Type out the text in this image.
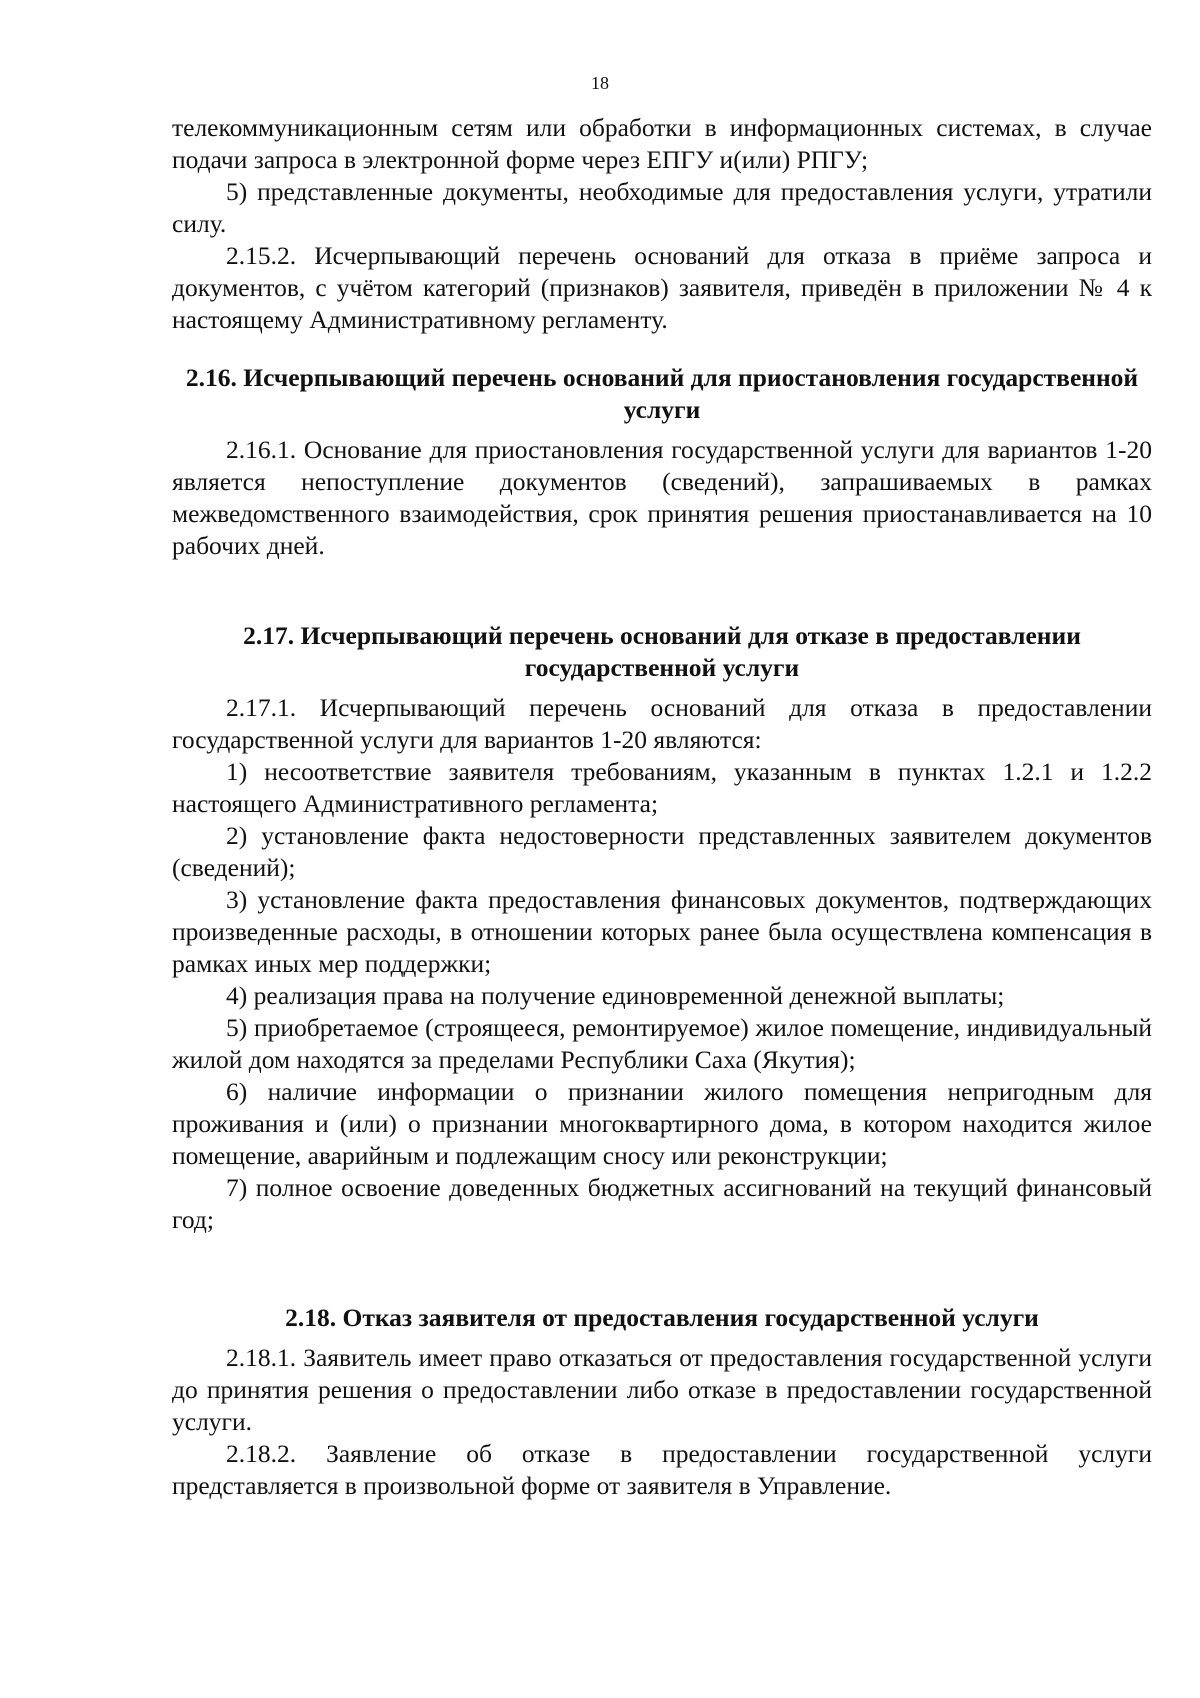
18

телекоммуникационным сетям или обработки в информационных системах, в случае подачи запроса в электронной форме через ЕПГУ и(или) РПГУ;

5) представленные документы, необходимые для предоставления услуги, утратили силу.

2.15.2. Исчерпывающий перечень оснований для отказа в приёме запроса и документов, с учётом категорий (признаков) заявителя, приведён в приложении № 4 к настоящему Административному регламенту.

2.16. Исчерпывающий перечень оснований для приостановления государственной услуги

2.16.1. Основание для приостановления государственной услуги для вариантов 1-20 является непоступление документов (сведений), запрашиваемых в рамках межведомственного взаимодействия, срок принятия решения приостанавливается на 10 рабочих дней.

2.17. Исчерпывающий перечень оснований для отказе в предоставлении государственной услуги

2.17.1. Исчерпывающий перечень оснований для отказа в предоставлении государственной услуги для вариантов 1-20 являются:

1) несоответствие заявителя требованиям, указанным в пунктах 1.2.1 и 1.2.2 настоящего Административного регламента;

2) установление факта недостоверности представленных заявителем документов (сведений);

3) установление факта предоставления финансовых документов, подтверждающих произведенные расходы, в отношении которых ранее была осуществлена компенсация в рамках иных мер поддержки;

4) реализация права на получение единовременной денежной выплаты;

5) приобретаемое (строящееся, ремонтируемое) жилое помещение, индивидуальный жилой дом находятся за пределами Республики Саха (Якутия);

6) наличие информации о признании жилого помещения непригодным для проживания и (или) о признании многоквартирного дома, в котором находится жилое помещение, аварийным и подлежащим сносу или реконструкции;

7) полное освоение доведенных бюджетных ассигнований на текущий финансовый год;

2.18. Отказ заявителя от предоставления государственной услуги

2.18.1. Заявитель имеет право отказаться от предоставления государственной услуги до принятия решения о предоставлении либо отказе в предоставлении государственной услуги.

2.18.2. Заявление об отказе в предоставлении государственной услуги представляется в произвольной форме от заявителя в Управление.
